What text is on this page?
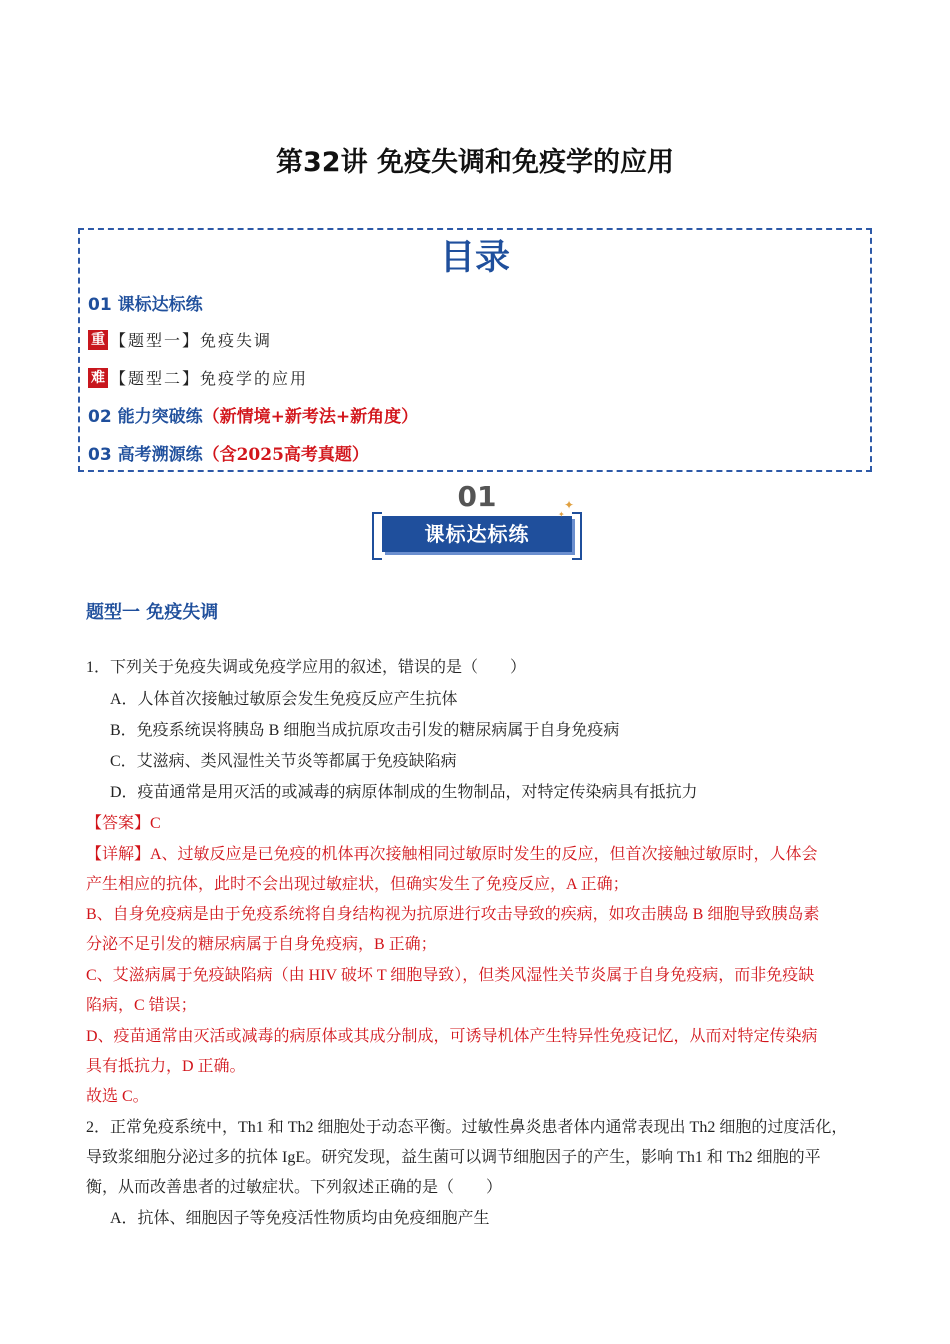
第32讲 免疫失调和免疫学的应用
目录
01 课标达标练
重 【题型一】免疫失调
难 【题型二】免疫学的应用
02 能力突破练（新情境+新考法+新角度）
03 高考溯源练（含2025高考真题）
01
课标达标练
✦
✦
题型一 免疫失调
1．下列关于免疫失调或免疫学应用的叙述，错误的是（　　）
A．人体首次接触过敏原会发生免疫反应产生抗体
B．免疫系统误将胰岛 B 细胞当成抗原攻击引发的糖尿病属于自身免疫病
C．艾滋病、类风湿性关节炎等都属于免疫缺陷病
D．疫苗通常是用灭活的或减毒的病原体制成的生物制品，对特定传染病具有抵抗力
【答案】C
【详解】A、过敏反应是已免疫的机体再次接触相同过敏原时发生的反应，但首次接触过敏原时，人体会
产生相应的抗体，此时不会出现过敏症状，但确实发生了免疫反应，A 正确；
B、自身免疫病是由于免疫系统将自身结构视为抗原进行攻击导致的疾病，如攻击胰岛 B 细胞导致胰岛素
分泌不足引发的糖尿病属于自身免疫病，B 正确；
C、艾滋病属于免疫缺陷病（由 HIV 破坏 T 细胞导致），但类风湿性关节炎属于自身免疫病，而非免疫缺
陷病，C 错误；
D、疫苗通常由灭活或减毒的病原体或其成分制成，可诱导机体产生特异性免疫记忆，从而对特定传染病
具有抵抗力，D 正确。
故选 C。
2．正常免疫系统中，Th1 和 Th2 细胞处于动态平衡。过敏性鼻炎患者体内通常表现出 Th2 细胞的过度活化，
导致浆细胞分泌过多的抗体 IgE。研究发现，益生菌可以调节细胞因子的产生，影响 Th1 和 Th2 细胞的平
衡，从而改善患者的过敏症状。下列叙述正确的是（　　）
A．抗体、细胞因子等免疫活性物质均由免疫细胞产生
